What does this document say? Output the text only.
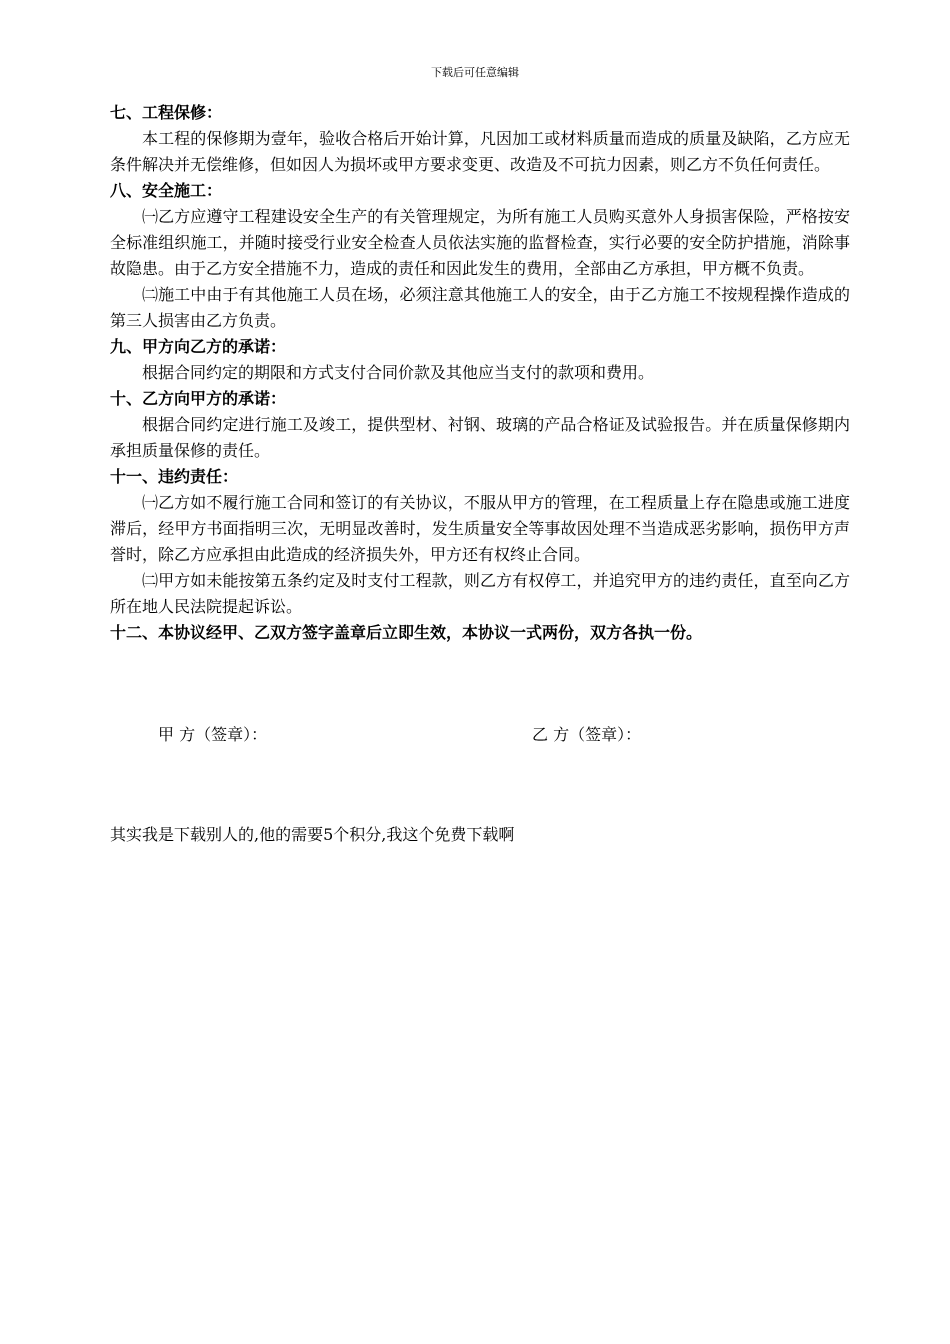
下载后可任意编辑

七、工程保修：

本工程的保修期为壹年，验收合格后开始计算，凡因加工或材料质量而造成的质量及缺陷，乙方应无条件解决并无偿维修，但如因人为损坏或甲方要求变更、改造及不可抗力因素，则乙方不负任何责任。

八、安全施工：

㈠乙方应遵守工程建设安全生产的有关管理规定，为所有施工人员购买意外人身损害保险，严格按安全标准组织施工，并随时接受行业安全检查人员依法实施的监督检查，实行必要的安全防护措施，消除事故隐患。由于乙方安全措施不力，造成的责任和因此发生的费用，全部由乙方承担，甲方概不负责。

㈡施工中由于有其他施工人员在场，必须注意其他施工人的安全，由于乙方施工不按规程操作造成的第三人损害由乙方负责。

九、甲方向乙方的承诺：

根据合同约定的期限和方式支付合同价款及其他应当支付的款项和费用。

十、乙方向甲方的承诺：

根据合同约定进行施工及竣工，提供型材、衬钢、玻璃的产品合格证及试验报告。并在质量保修期内承担质量保修的责任。

十一、违约责任：

㈠乙方如不履行施工合同和签订的有关协议，不服从甲方的管理，在工程质量上存在隐患或施工进度滞后，经甲方书面指明三次，无明显改善时，发生质量安全等事故因处理不当造成恶劣影响，损伤甲方声誉时，除乙方应承担由此造成的经济损失外，甲方还有权终止合同。

㈡甲方如未能按第五条约定及时支付工程款，则乙方有权停工，并追究甲方的违约责任，直至向乙方所在地人民法院提起诉讼。

十二、本协议经甲、乙双方签字盖章后立即生效，本协议一式两份，双方各执一份。

甲 方（签章）：	乙 方（签章）：
其实我是下载别人的,他的需要5个积分,我这个免费下载啊
